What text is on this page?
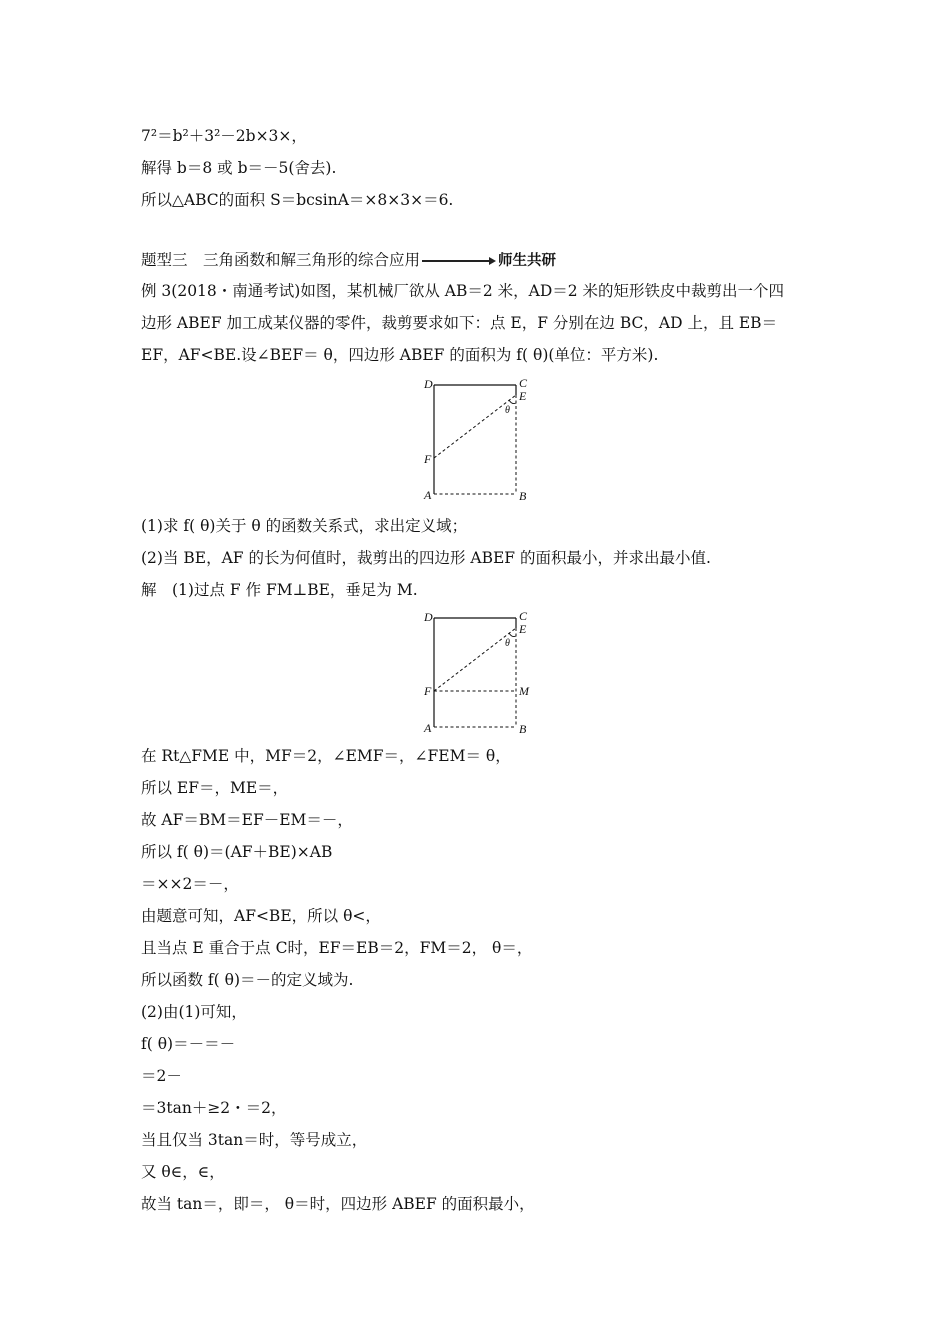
7²＝b²＋3²－2b×3×，
解得 b＝8 或 b＝－5(舍去).
所以△ABC的面积 S＝bcsinA＝×8×3×＝6.
题型三　三角函数和解三角形的综合应用	师生共研
例 3(2018・南通考试)如图，某机械厂欲从 AB＝2 米，AD＝2 米的矩形铁皮中裁剪出一个四
边形 ABEF 加工成某仪器的零件，裁剪要求如下：点 E，F 分别在边 BC，AD 上，且 EB＝
EF，AF<BE.设∠BEF＝ θ，四边形 ABEF 的面积为 f( θ)(单位：平方米).
D	C
E
θ
F
A	B
(1)求 f( θ)关于 θ 的函数关系式，求出定义域；
(2)当 BE，AF 的长为何值时，裁剪出的四边形 ABEF 的面积最小，并求出最小值.
解　(1)过点 F 作 FM⊥BE，垂足为 M.
D	C
E
θ
F	M
A	B
在 Rt△FME 中，MF＝2，∠EMF＝，∠FEM＝ θ，
所以 EF＝，ME＝，
故 AF＝BM＝EF－EM＝－，
所以 f( θ)＝(AF＋BE)×AB
＝××2＝－，
由题意可知，AF<BE，所以 θ<，
且当点 E 重合于点 C时，EF＝EB＝2，FM＝2， θ＝，
所以函数 f( θ)＝－的定义域为.
(2)由(1)可知，
f( θ)＝－＝－
＝2－
＝3tan＋≥2・＝2，
当且仅当 3tan＝时，等号成立，
又 θ∈，∈，
故当 tan＝，即＝， θ＝时，四边形 ABEF 的面积最小，
